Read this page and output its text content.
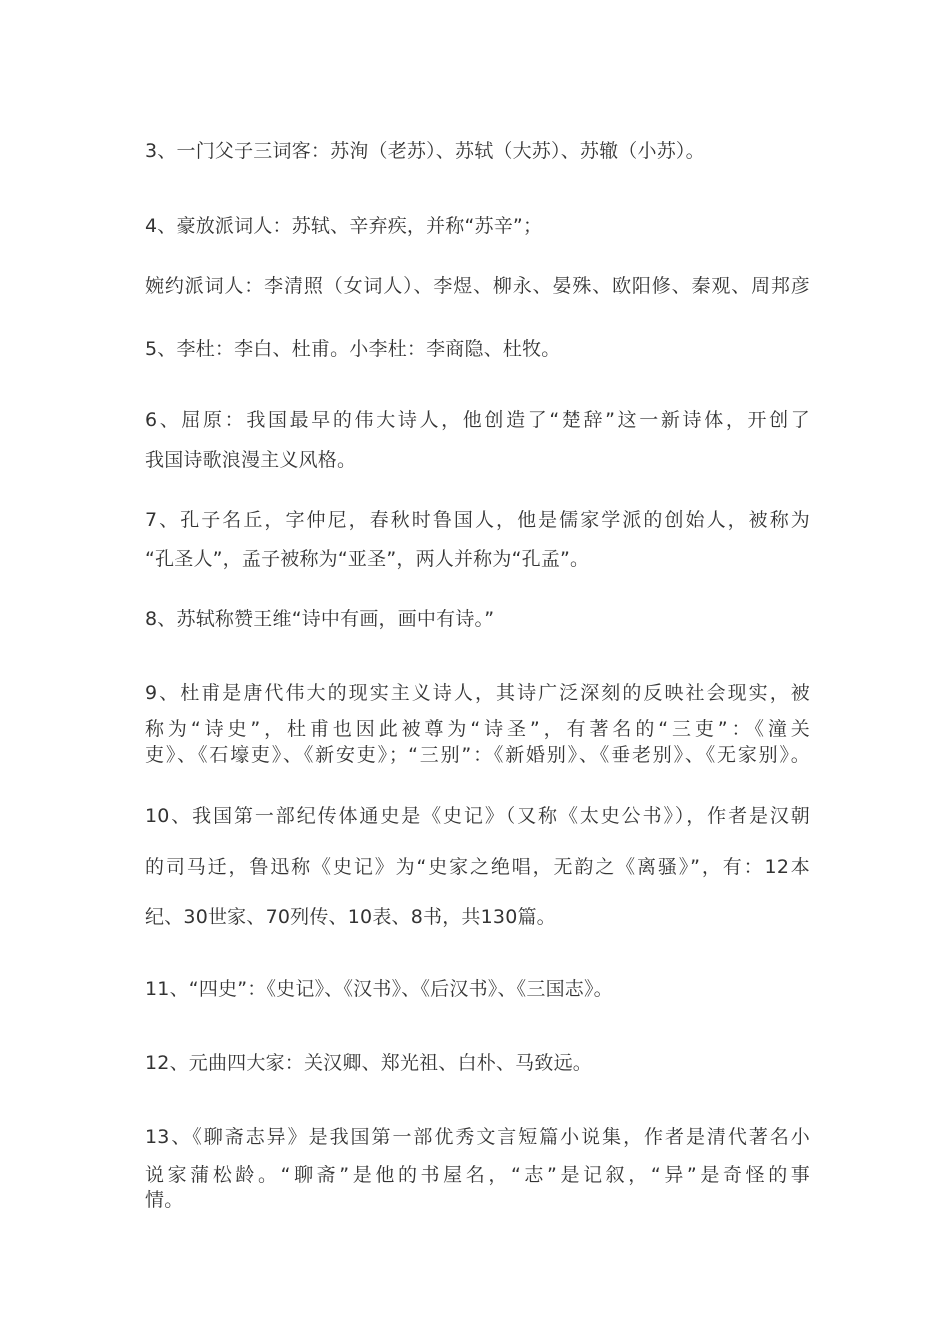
3、一门父子三词客：苏洵（老苏）、苏轼（大苏）、苏辙（小苏）。

4、豪放派词人：苏轼、辛弃疾，并称“苏辛”；

婉约派词人：李清照（女词人）、李煜、柳永、晏殊、欧阳修、秦观、周邦彦

5、李杜：李白、杜甫。小李杜：李商隐、杜牧。

6、屈原：我国最早的伟大诗人，他创造了“楚辞”这一新诗体，开创了

我国诗歌浪漫主义风格。

7、孔子名丘，字仲尼，春秋时鲁国人，他是儒家学派的创始人，被称为

“孔圣人”，孟子被称为“亚圣”，两人并称为“孔孟”。

8、苏轼称赞王维“诗中有画，画中有诗。”

9、杜甫是唐代伟大的现实主义诗人，其诗广泛深刻的反映社会现实，被

称为“诗史”，杜甫也因此被尊为“诗圣”，有著名的“三吏”：《潼关

吏》、《石壕吏》、《新安吏》；“三别”：《新婚别》、《垂老别》、《无家别》。

10、我国第一部纪传体通史是《史记》（又称《太史公书》），作者是汉朝

的司马迁，鲁迅称《史记》为“史家之绝唱，无韵之《离骚》”，有：12本

纪、30世家、70列传、10表、8书，共130篇。

11、“四史”：《史记》、《汉书》、《后汉书》、《三国志》。

12、元曲四大家：关汉卿、郑光祖、白朴、马致远。

13、《聊斋志异》是我国第一部优秀文言短篇小说集，作者是清代著名小

说家蒲松龄。“聊斋”是他的书屋名，“志”是记叙，“异”是奇怪的事

情。
